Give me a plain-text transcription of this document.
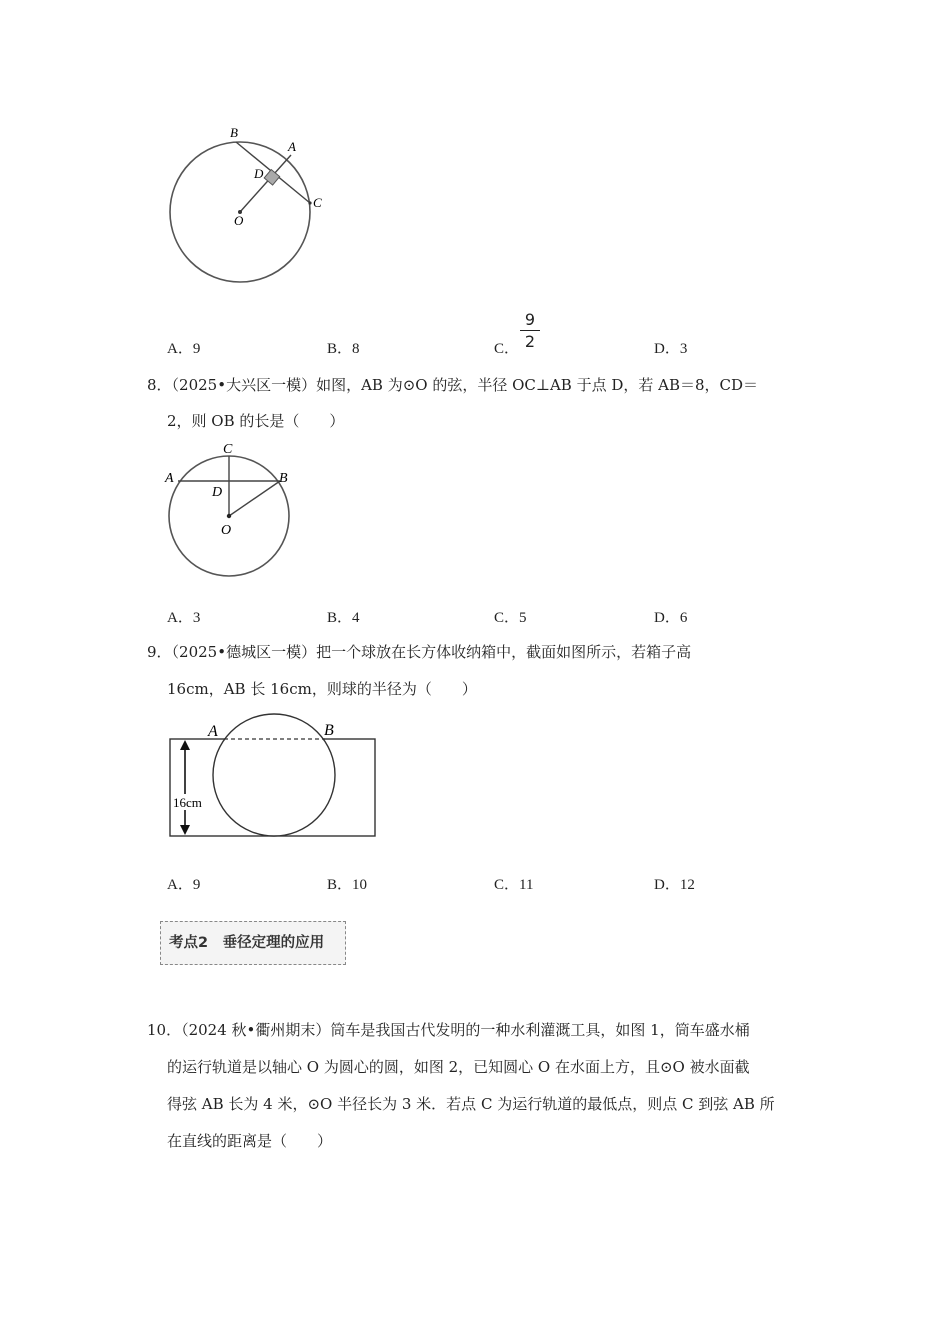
B
A
D
O
C
A．9	B．8	C．
9
2	D．3
8．（2025•大兴区一模）如图，AB 为⊙O 的弦，半径 OC⊥AB 于点 D，若 AB＝8，CD＝
2，则 OB 的长是（　　）
C
A	B
D
O
A．3	B．4	C．5	D．6
9．（2025•德城区一模）把一个球放在长方体收纳箱中，截面如图所示，若箱子高
16cm，AB 长 16cm，则球的半径为（　　）
16cm
A	B
A．9	B．10	C．11	D．12
考点2　垂径定理的应用
10．（2024 秋•衢州期末）筒车是我国古代发明的一种水利灌溉工具，如图 1，筒车盛水桶
的运行轨道是以轴心 O 为圆心的圆，如图 2，已知圆心 O 在水面上方，且⊙O 被水面截
得弦 AB 长为 4 米，⊙O 半径长为 3 米．若点 C 为运行轨道的最低点，则点 C 到弦 AB 所
在直线的距离是（　　）
